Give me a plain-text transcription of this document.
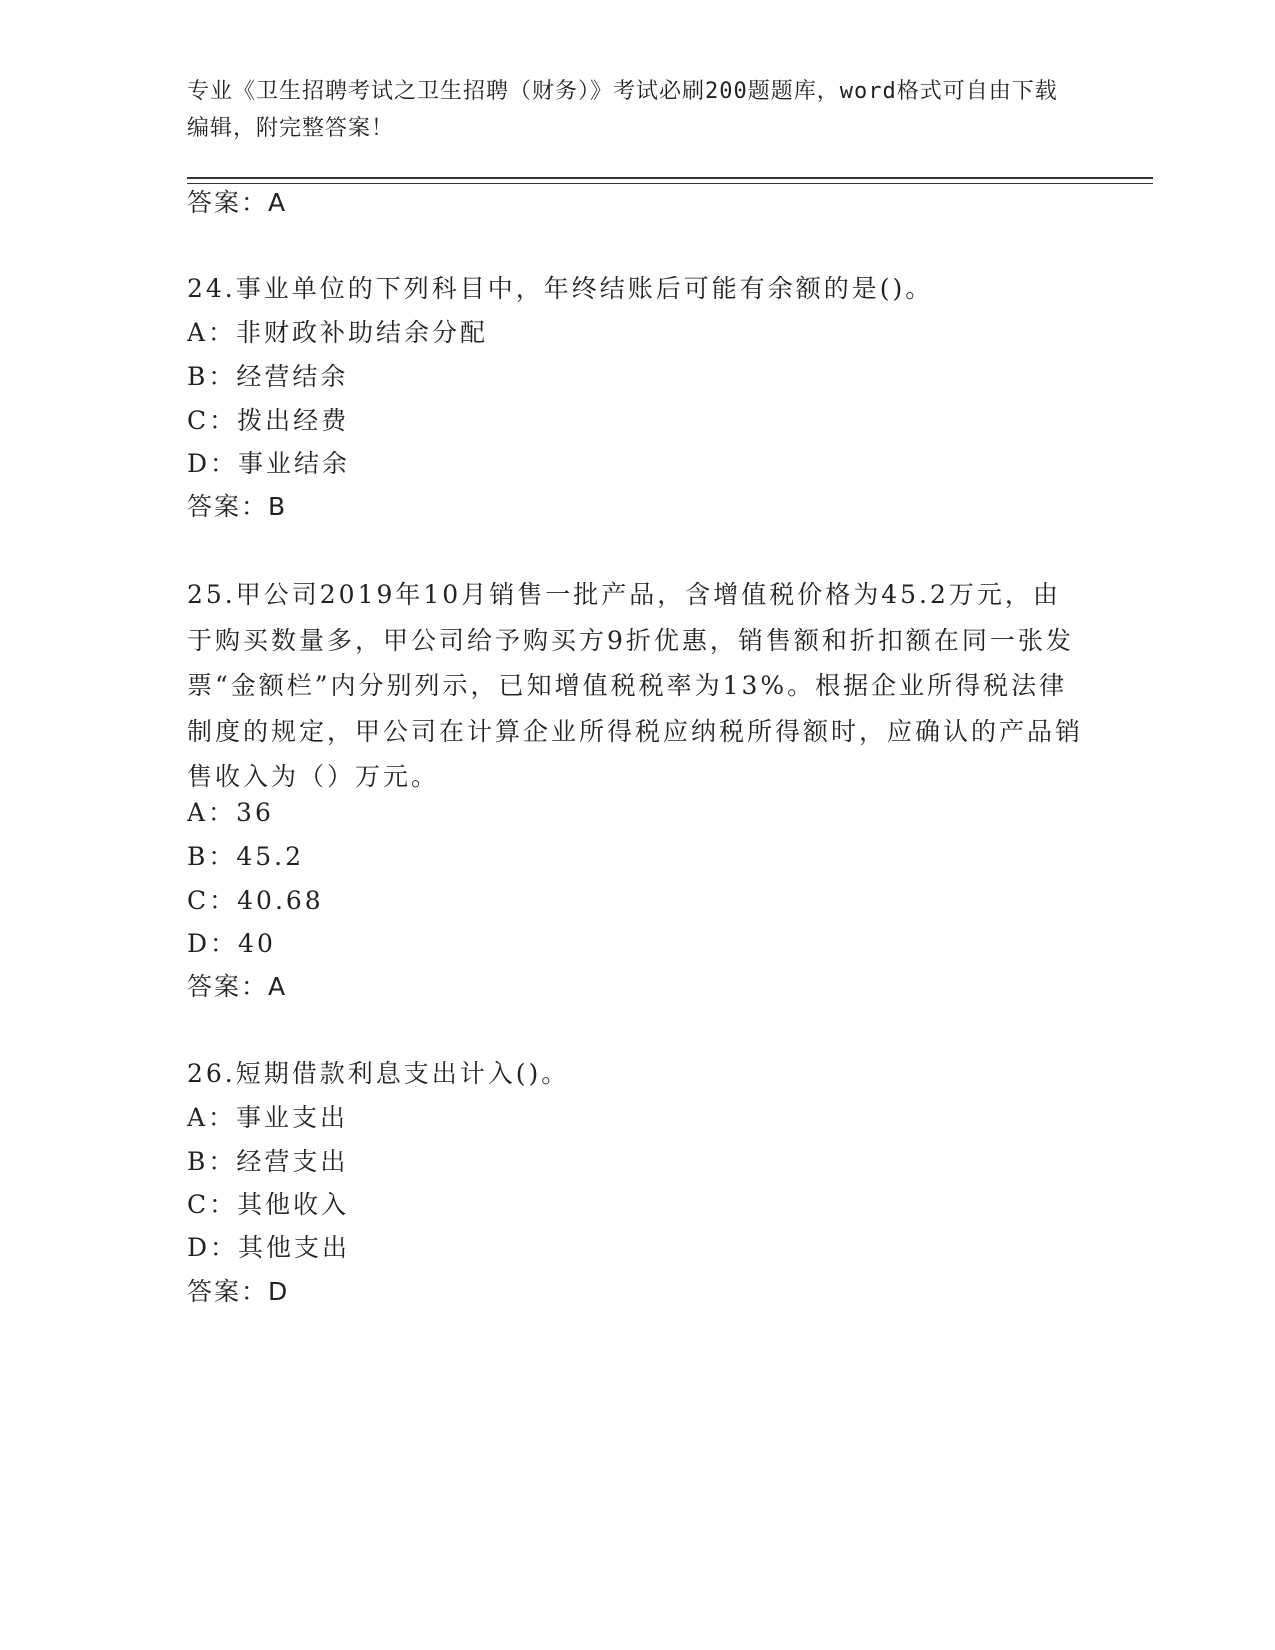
专业《卫生招聘考试之卫生招聘（财务）》考试必刷200题题库，word格式可自由下载编辑，附完整答案！
答案：A
24.事业单位的下列科目中，年终结账后可能有余额的是()。
A：非财政补助结余分配
B：经营结余
C：拨出经费
D：事业结余
答案：B
25.甲公司2019年10月销售一批产品，含增值税价格为45.2万元，由于购买数量多，甲公司给予购买方9折优惠，销售额和折扣额在同一张发票“金额栏”内分别列示，已知增值税税率为13%。根据企业所得税法律制度的规定，甲公司在计算企业所得税应纳税所得额时，应确认的产品销售收入为（）万元。
A：36
B：45.2
C：40.68
D：40
答案：A
26.短期借款利息支出计入()。
A：事业支出
B：经营支出
C：其他收入
D：其他支出
答案：D
